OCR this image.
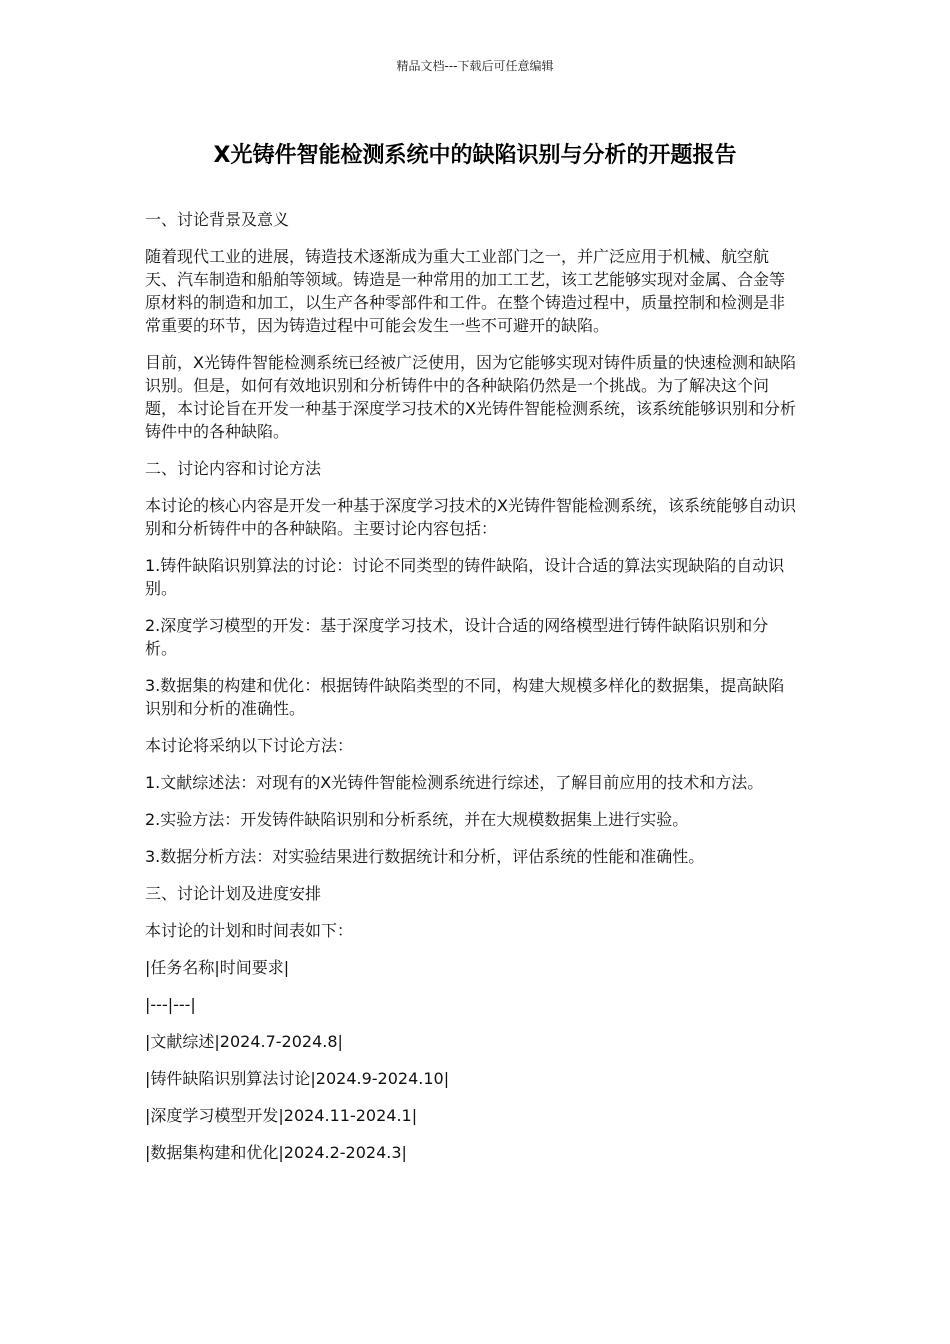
精品文档---下载后可任意编辑
X光铸件智能检测系统中的缺陷识别与分析的开题报告

一、讨论背景及意义

随着现代工业的进展，铸造技术逐渐成为重大工业部门之一，并广泛应用于机械、航空航天、汽车制造和船舶等领域。铸造是一种常用的加工工艺，该工艺能够实现对金属、合金等原材料的制造和加工，以生产各种零部件和工件。在整个铸造过程中，质量控制和检测是非常重要的环节，因为铸造过程中可能会发生一些不可避开的缺陷。

目前，X光铸件智能检测系统已经被广泛使用，因为它能够实现对铸件质量的快速检测和缺陷识别。但是，如何有效地识别和分析铸件中的各种缺陷仍然是一个挑战。为了解决这个问题，本讨论旨在开发一种基于深度学习技术的X光铸件智能检测系统，该系统能够识别和分析铸件中的各种缺陷。

二、讨论内容和讨论方法

本讨论的核心内容是开发一种基于深度学习技术的X光铸件智能检测系统，该系统能够自动识别和分析铸件中的各种缺陷。主要讨论内容包括：

1.铸件缺陷识别算法的讨论：讨论不同类型的铸件缺陷，设计合适的算法实现缺陷的自动识别。

2.深度学习模型的开发：基于深度学习技术，设计合适的网络模型进行铸件缺陷识别和分析。

3.数据集的构建和优化：根据铸件缺陷类型的不同，构建大规模多样化的数据集，提高缺陷识别和分析的准确性。

本讨论将采纳以下讨论方法：

1.文献综述法：对现有的X光铸件智能检测系统进行综述，了解目前应用的技术和方法。

2.实验方法：开发铸件缺陷识别和分析系统，并在大规模数据集上进行实验。

3.数据分析方法：对实验结果进行数据统计和分析，评估系统的性能和准确性。

三、讨论计划及进度安排

本讨论的计划和时间表如下：

|任务名称|时间要求|

|---|---|

|文献综述|2024.7-2024.8|

|铸件缺陷识别算法讨论|2024.9-2024.10|

|深度学习模型开发|2024.11-2024.1|

|数据集构建和优化|2024.2-2024.3|
